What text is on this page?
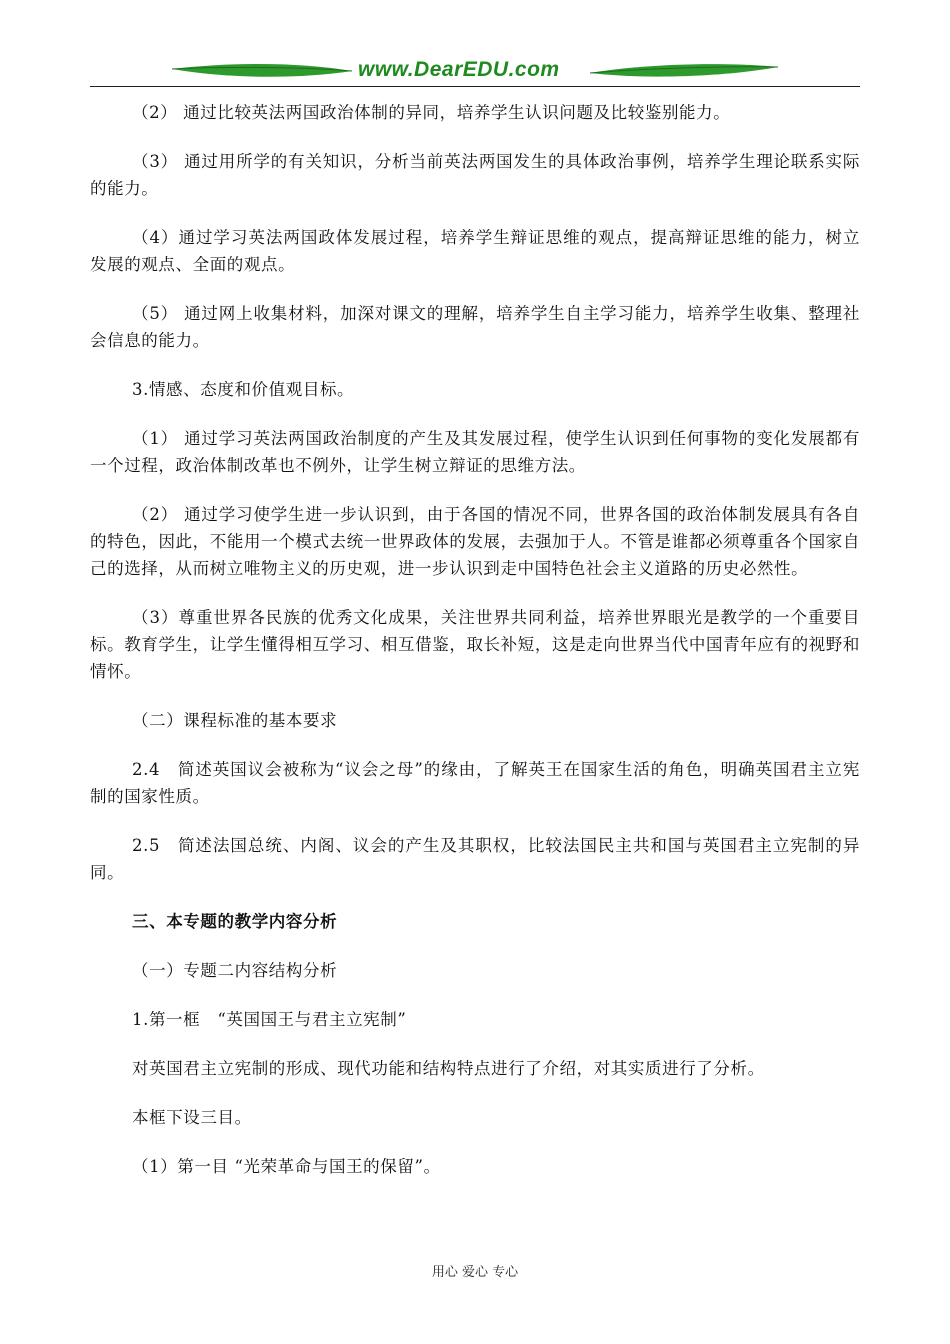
www.DearEDU.com

（2） 通过比较英法两国政治体制的异同，培养学生认识问题及比较鉴别能力。

（3） 通过用所学的有关知识，分析当前英法两国发生的具体政治事例，培养学生理论联系实际的能力。

（4）通过学习英法两国政体发展过程，培养学生辩证思维的观点，提高辩证思维的能力，树立发展的观点、全面的观点。

（5） 通过网上收集材料，加深对课文的理解，培养学生自主学习能力，培养学生收集、整理社会信息的能力。

3.情感、态度和价值观目标。

（1） 通过学习英法两国政治制度的产生及其发展过程，使学生认识到任何事物的变化发展都有一个过程，政治体制改革也不例外，让学生树立辩证的思维方法。

（2） 通过学习使学生进一步认识到，由于各国的情况不同，世界各国的政治体制发展具有各自的特色，因此，不能用一个模式去统一世界政体的发展，去强加于人。不管是谁都必须尊重各个国家自己的选择，从而树立唯物主义的历史观，进一步认识到走中国特色社会主义道路的历史必然性。

（3）尊重世界各民族的优秀文化成果，关注世界共同利益，培养世界眼光是教学的一个重要目标。教育学生，让学生懂得相互学习、相互借鉴，取长补短，这是走向世界当代中国青年应有的视野和情怀。

（二）课程标准的基本要求

2.4　简述英国议会被称为“议会之母”的缘由，了解英王在国家生活的角色，明确英国君主立宪制的国家性质。

2.5　简述法国总统、内阁、议会的产生及其职权，比较法国民主共和国与英国君主立宪制的异同。

三、本专题的教学内容分析

（一）专题二内容结构分析

1.第一框　“英国国王与君主立宪制”

对英国君主立宪制的形成、现代功能和结构特点进行了介绍，对其实质进行了分析。

本框下设三目。

（1）第一目 “光荣革命与国王的保留”。

用心 爱心 专心
